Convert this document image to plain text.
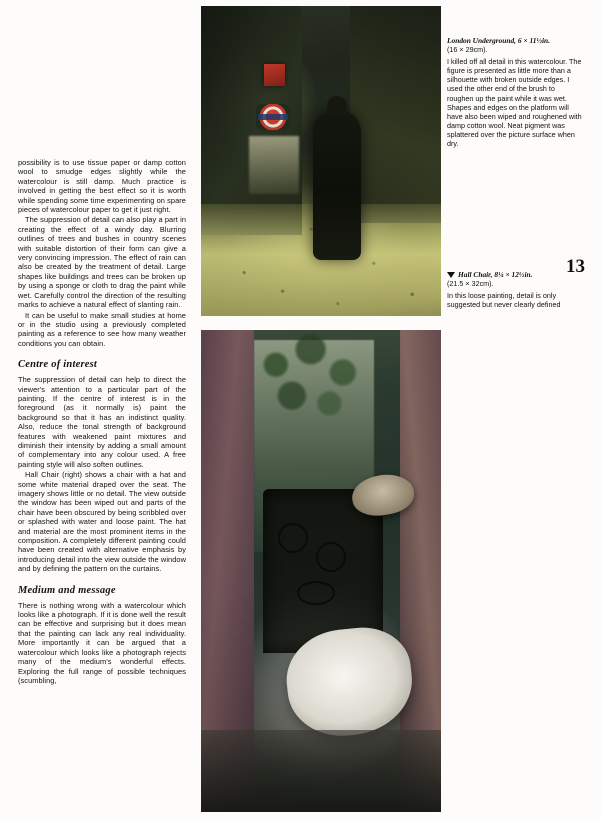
possibility is to use tissue paper or damp cotton wool to smudge edges slightly while the watercolour is still damp. Much practice is involved in getting the best effect so it is worth while spending some time experimenting on spare pieces of watercolour paper to get it just right.

The suppression of detail can also play a part in creating the effect of a windy day. Blurring outlines of trees and bushes in country scenes with suitable distortion of their form can give a very convincing impression. The effect of rain can also be created by the treatment of detail. Large shapes like buildings and trees can be broken up by using a sponge or cloth to drag the paint while wet. Carefully control the direction of the resulting marks to achieve a natural effect of slanting rain.

It can be useful to make small studies at home or in the studio using a previously completed painting as a reference to see how many weather conditions you can obtain.

Centre of interest

The suppression of detail can help to direct the viewer's attention to a particular part of the painting. If the centre of interest is in the foreground (as it normally is) paint the background so that it has an indistinct quality. Also, reduce the tonal strength of background features with weakened paint mixtures and diminish their intensity by adding a small amount of complementary into any colour used. A free painting style will also soften outlines.

Hall Chair (right) shows a chair with a hat and some white material draped over the seat. The imagery shows little or no detail. The view outside the window has been wiped out and parts of the chair have been obscured by being scribbled over or splashed with water and loose paint. The hat and material are the most prominent items in the composition. A completely different painting could have been created with alternative emphasis by introducing detail into the view outside the window and by defining the pattern on the curtains.

Medium and message

There is nothing wrong with a watercolour which looks like a photograph. If it is done well the result can be effective and surprising but it does mean that the painting can lack any real individuality. More importantly it can be argued that a watercolour which looks like a photograph rejects many of the medium's wonderful effects. Exploring the full range of possible techniques (scumbling,

London Underground, 6 × 11½in.
(16 × 29cm).
I killed off all detail in this watercolour. The figure is presented as little more than a silhouette with broken outside edges. I used the other end of the brush to roughen up the paint while it was wet. Shapes and edges on the platform will have also been wiped and roughened with damp cotton wool. Neat pigment was splattered over the picture surface when dry.
13
Hall Chair, 8¼ × 12½in.
(21.5 × 32cm).
In this loose painting, detail is only suggested but never clearly defined
